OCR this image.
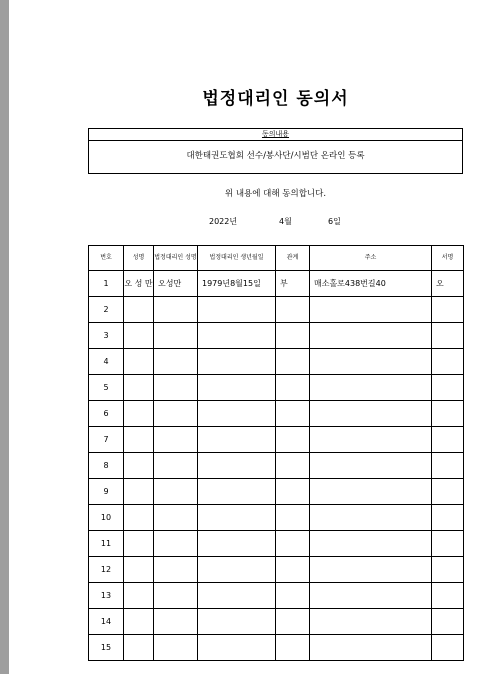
법정대리인 동의서
동의내용
대한태권도협회 선수/봉사단/시범단 온라인 등록
위 내용에 대해 동의합니다.
2022년	4월	6일
번호	성명	법정대리인 성명	법정대리인 생년월일	관계	주소	서명
1	오 성 만	오성만	1979년8월15일	부	매소홀로438번길40	오
2						
3						
4						
5						
6						
7						
8						
9						
10						
11						
12						
13						
14						
15						
